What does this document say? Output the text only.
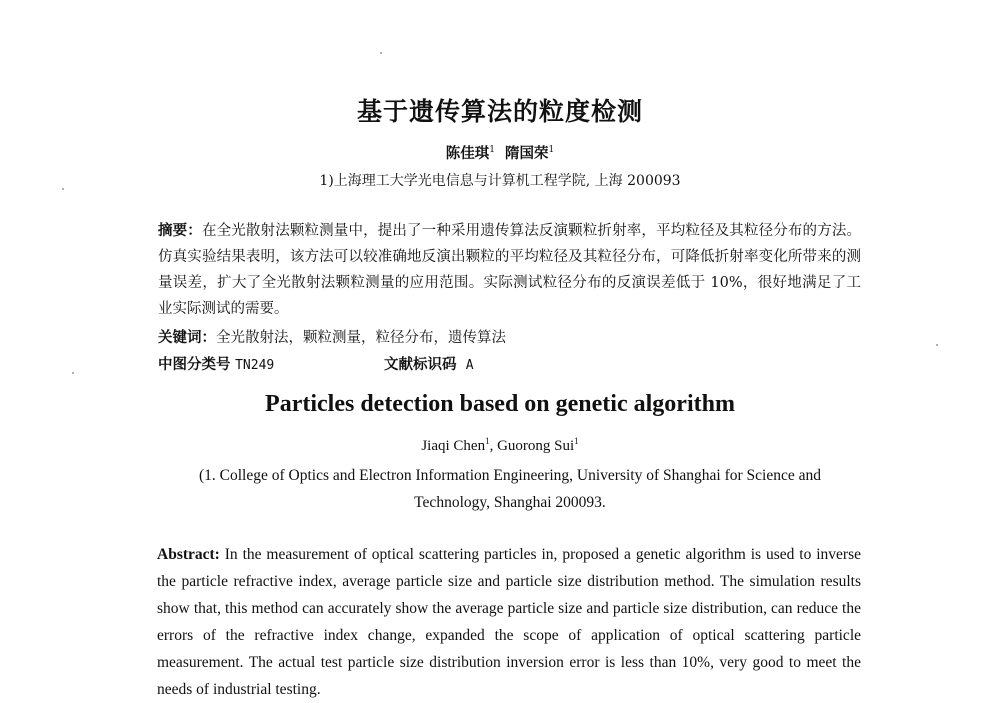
基于遗传算法的粒度检测
陈佳琪$^1$ 隋国荣$^1$
1)上海理工大学光电信息与计算机工程学院, 上海 200093
摘要：在全光散射法颗粒测量中，提出了一种采用遗传算法反演颗粒折射率，平均粒径及其粒径分布的方法。仿真实验结果表明，该方法可以较准确地反演出颗粒的平均粒径及其粒径分布，可降低折射率变化所带来的测量误差，扩大了全光散射法颗粒测量的应用范围。实际测试粒径分布的反演误差低于 10%，很好地满足了工业实际测试的需要。
关键词：全光散射法，颗粒测量，粒径分布，遗传算法
中图分类号 TN249	文献标识码 A
Particles detection based on genetic algorithm
Jiaqi Chen$^1$, Guorong Sui$^1$
(1. College of Optics and Electron Information Engineering, University of Shanghai for Science and Technology, Shanghai 200093.
Abstract: In the measurement of optical scattering particles in, proposed a genetic algorithm is used to inverse the particle refractive index, average particle size and particle size distribution method. The simulation results show that, this method can accurately show the average particle size and particle size distribution, can reduce the errors of the refractive index change, expanded the scope of application of optical scattering particle measurement. The actual test particle size distribution inversion error is less than 10%, very good to meet the needs of industrial testing.
